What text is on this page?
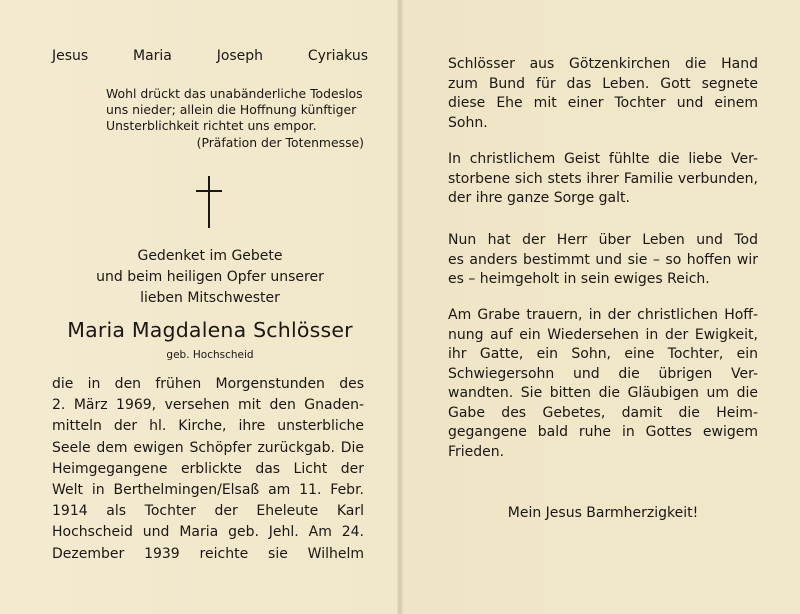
Jesus	Maria	Joseph	Cyriakus
Wohl drückt das unabänderliche Todeslos
uns nieder; allein die Hoffnung künftiger
Unsterblichkeit richtet uns empor.
(Präfation der Totenmesse)
Gedenket im Gebete
und beim heiligen Opfer unserer
lieben Mitschwester
Maria Magdalena Schlösser
geb. Hochscheid
die in den frühen Morgenstunden des
2. März 1969, versehen mit den Gnaden-
mitteln der hl. Kirche, ihre unsterbliche
Seele dem ewigen Schöpfer zurückgab. Die
Heimgegangene erblickte das Licht der
Welt in Berthelmingen/Elsaß am 11. Febr.
1914 als Tochter der Eheleute Karl
Hochscheid und Maria geb. Jehl. Am 24.
Dezember 1939 reichte sie Wilhelm
Schlösser aus Götzenkirchen die Hand
zum Bund für das Leben. Gott segnete
diese Ehe mit einer Tochter und einem
Sohn.
In christlichem Geist fühlte die liebe Ver-
storbene sich stets ihrer Familie verbunden,
der ihre ganze Sorge galt.
Nun hat der Herr über Leben und Tod
es anders bestimmt und sie – so hoffen wir
es – heimgeholt in sein ewiges Reich.
Am Grabe trauern, in der christlichen Hoff-
nung auf ein Wiedersehen in der Ewigkeit,
ihr Gatte, ein Sohn, eine Tochter, ein
Schwiegersohn und die übrigen Ver-
wandten. Sie bitten die Gläubigen um die
Gabe des Gebetes, damit die Heim-
gegangene bald ruhe in Gottes ewigem
Frieden.
Mein Jesus Barmherzigkeit!
